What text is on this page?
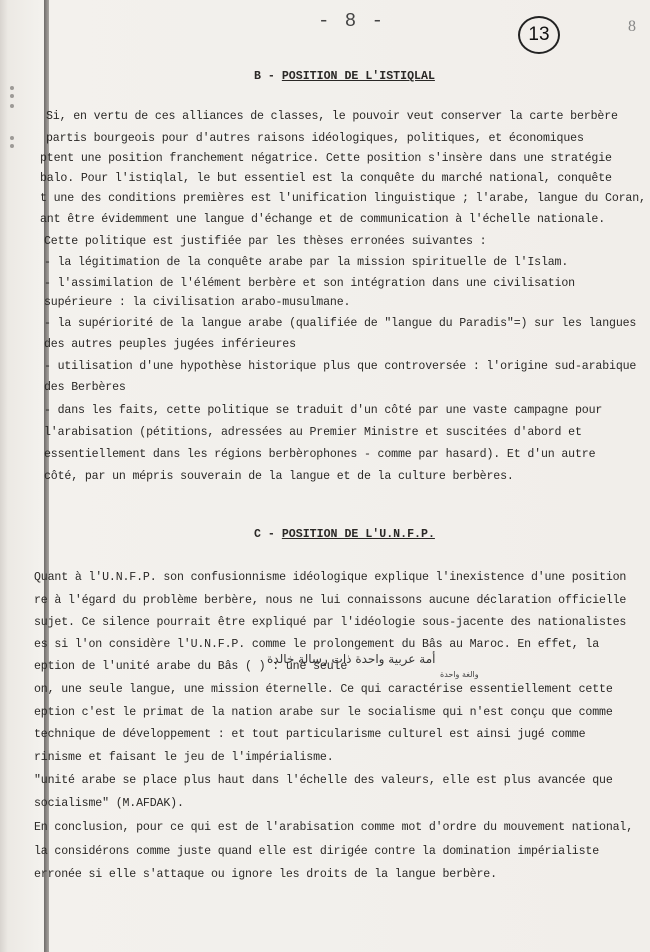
- 8 -
13	8
B - POSITION DE L'ISTIQLAL
Si, en vertu de ces alliances de classes, le pouvoir veut conserver la carte berbère
partis bourgeois pour d'autres raisons idéologiques, politiques, et économiques
ptent une position franchement négatrice. Cette position s'insère dans une stratégie
balo. Pour l'istiqlal, le but essentiel est la conquête du marché national, conquête
t une des conditions premières est l'unification linguistique ; l'arabe, langue du Coran,
ant être évidemment une langue d'échange et de communication à l'échelle nationale.
Cette politique est justifiée par les thèses erronées suivantes :
- la légitimation de la conquête arabe par la mission spirituelle de l'Islam.
- l'assimilation de l'élément berbère et son intégration dans une civilisation
supérieure : la civilisation arabo-musulmane.
- la supériorité de la langue arabe (qualifiée de "langue du Paradis"=) sur les langues
des autres peuples jugées inférieures
- utilisation d'une hypothèse historique plus que controversée : l'origine sud-arabique
des Berbères
- dans les faits, cette politique se traduit d'un côté par une vaste campagne pour
l'arabisation (pétitions, adressées au Premier Ministre et suscitées d'abord et
essentiellement dans les régions berbèrophones - comme par hasard). Et d'un autre
côté, par un mépris souverain de la langue et de la culture berbères.
C - POSITION DE L'U.N.F.P.
Quant à l'U.N.F.P. son confusionnisme idéologique explique l'inexistence d'une position
re à l'égard du problème berbère, nous ne lui connaissons aucune déclaration officielle
sujet. Ce silence pourrait être expliqué par l'idéologie sous-jacente des nationalistes
es si l'on considère l'U.N.F.P. comme le prolongement du Bâs au Maroc. En effet, la
eption de l'unité arabe du Bâs ( ) : une seule
on, une seule langue, une mission éternelle. Ce qui caractérise essentiellement cette
eption c'est le primat de la nation arabe sur le socialisme qui n'est conçu que comme
technique de développement : et tout particularisme culturel est ainsi jugé comme
rinisme et faisant le jeu de l'impérialisme.
"unité arabe se place plus haut dans l'échelle des valeurs, elle est plus avancée que
socialisme" (M.AFDAK).
En conclusion, pour ce qui est de l'arabisation comme mot d'ordre du mouvement national,
la considérons comme juste quand elle est dirigée contre la domination impérialiste
erronée si elle s'attaque ou ignore les droits de la langue berbère.
أمة عربية واحدة ذات رسالة خالدة
والغة واحدة
